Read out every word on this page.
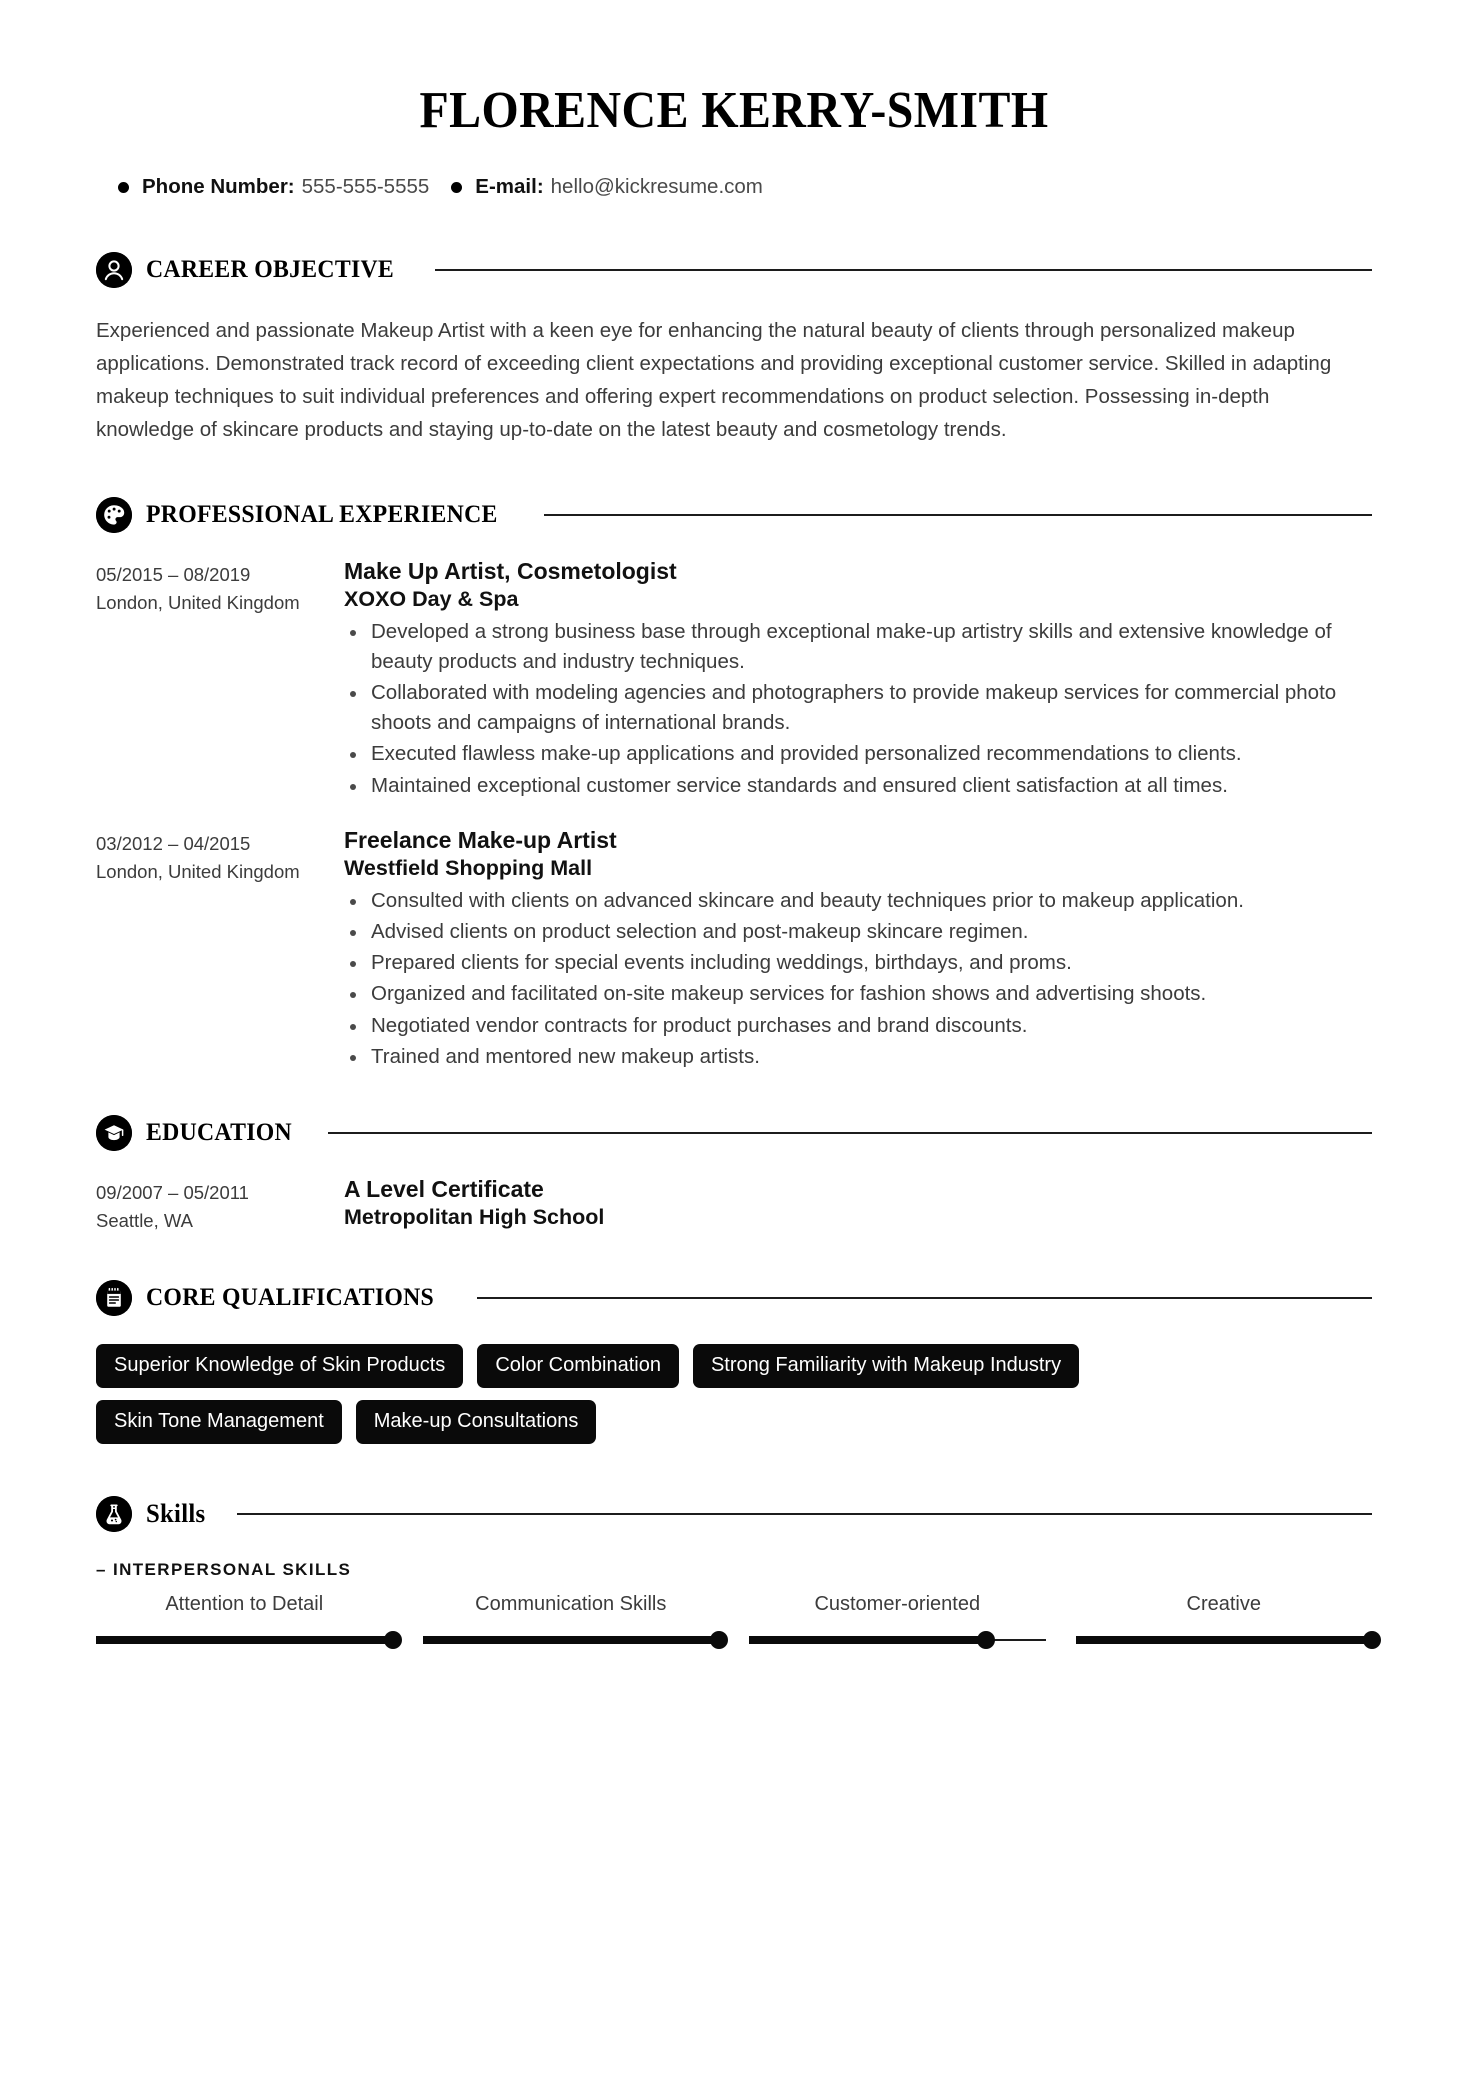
FLORENCE KERRY-SMITH
Phone Number: 555-555-5555 E-mail: hello@kickresume.com
CAREER OBJECTIVE

Experienced and passionate Makeup Artist with a keen eye for enhancing the natural beauty of clients through personalized makeup applications. Demonstrated track record of exceeding client expectations and providing exceptional customer service. Skilled in adapting makeup techniques to suit individual preferences and offering expert recommendations on product selection. Possessing in-depth knowledge of skincare products and staying up-to-date on the latest beauty and cosmetology trends.

PROFESSIONAL EXPERIENCE
05/2015 – 08/2019
London, United Kingdom
Make Up Artist, Cosmetologist
XOXO Day & Spa
Developed a strong business base through exceptional make-up artistry skills and extensive knowledge of beauty products and industry techniques.
Collaborated with modeling agencies and photographers to provide makeup services for commercial photo shoots and campaigns of international brands.
Executed flawless make-up applications and provided personalized recommendations to clients.
Maintained exceptional customer service standards and ensured client satisfaction at all times.
03/2012 – 04/2015
London, United Kingdom
Freelance Make-up Artist
Westfield Shopping Mall
Consulted with clients on advanced skincare and beauty techniques prior to makeup application.
Advised clients on product selection and post-makeup skincare regimen.
Prepared clients for special events including weddings, birthdays, and proms.
Organized and facilitated on-site makeup services for fashion shows and advertising shoots.
Negotiated vendor contracts for product purchases and brand discounts.
Trained and mentored new makeup artists.
EDUCATION
09/2007 – 05/2011
Seattle, WA
A Level Certificate
Metropolitan High School
CORE QUALIFICATIONS
Superior Knowledge of Skin Products	Color Combination	Strong Familiarity with Makeup Industry
Skin Tone Management	Make-up Consultations
Skills
– INTERPERSONAL SKILLS
Attention to Detail	Communication Skills	Customer-oriented	Creative
